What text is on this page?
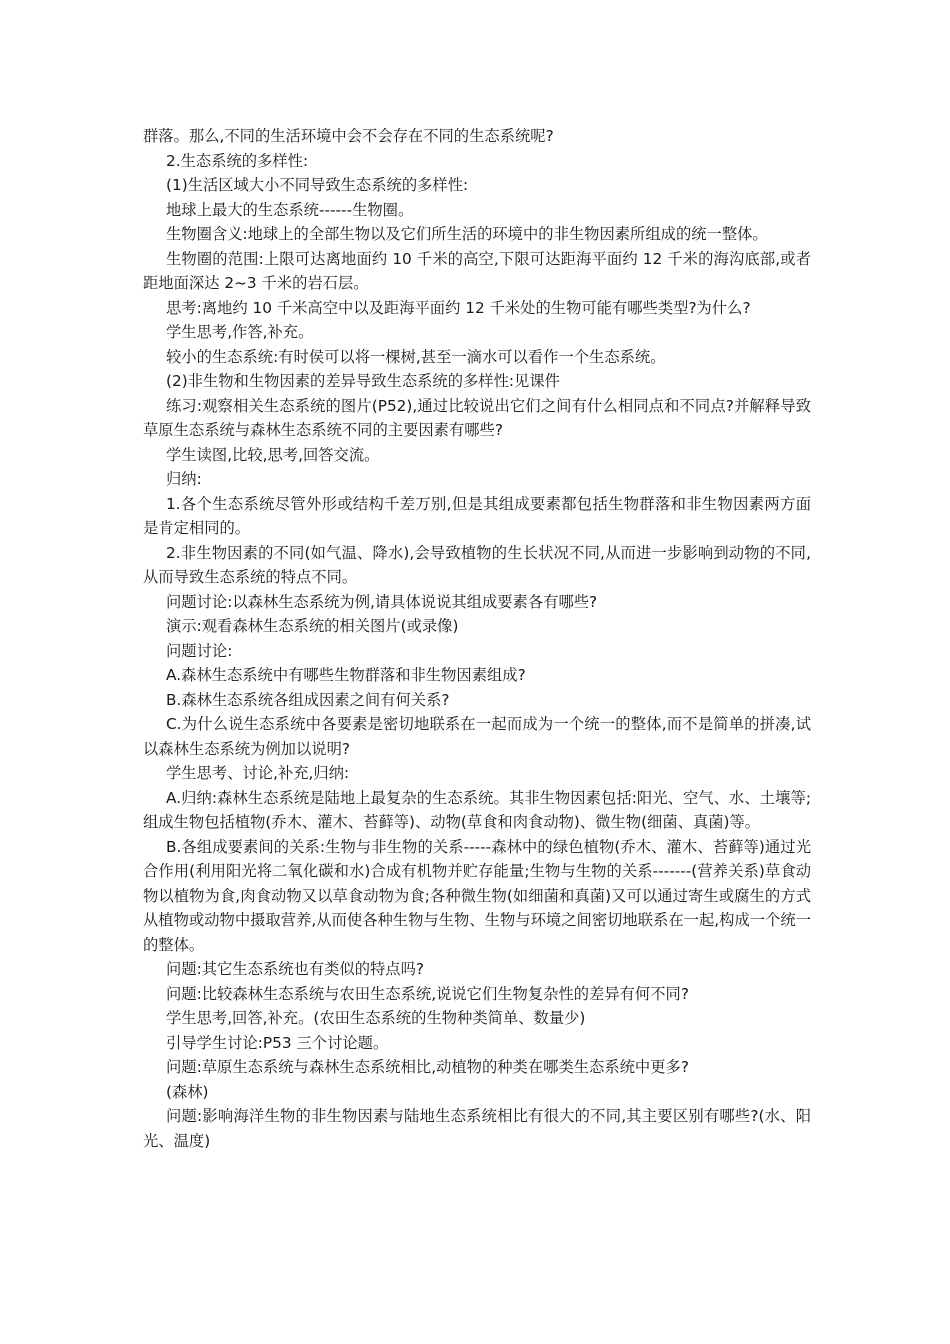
群落。那么,不同的生活环境中会不会存在不同的生态系统呢?

2.生态系统的多样性:

(1)生活区域大小不同导致生态系统的多样性:

地球上最大的生态系统------生物圈。

生物圈含义:地球上的全部生物以及它们所生活的环境中的非生物因素所组成的统一整体。

生物圈的范围:上限可达离地面约 10 千米的高空,下限可达距海平面约 12 千米的海沟底部,或者距地面深达 2~3 千米的岩石层。

思考:离地约 10 千米高空中以及距海平面约 12 千米处的生物可能有哪些类型?为什么?

学生思考,作答,补充。

较小的生态系统:有时侯可以将一棵树,甚至一滴水可以看作一个生态系统。

(2)非生物和生物因素的差异导致生态系统的多样性:见课件

练习:观察相关生态系统的图片(P52),通过比较说出它们之间有什么相同点和不同点?并解释导致草原生态系统与森林生态系统不同的主要因素有哪些?

学生读图,比较,思考,回答交流。

归纳:

1.各个生态系统尽管外形或结构千差万别,但是其组成要素都包括生物群落和非生物因素两方面是肯定相同的。

2.非生物因素的不同(如气温、降水),会导致植物的生长状况不同,从而进一步影响到动物的不同,从而导致生态系统的特点不同。

问题讨论:以森林生态系统为例,请具体说说其组成要素各有哪些?

演示:观看森林生态系统的相关图片(或录像)

问题讨论:

A.森林生态系统中有哪些生物群落和非生物因素组成?

B.森林生态系统各组成因素之间有何关系?

C.为什么说生态系统中各要素是密切地联系在一起而成为一个统一的整体,而不是简单的拼凑,试以森林生态系统为例加以说明?

学生思考、讨论,补充,归纳:

A.归纳:森林生态系统是陆地上最复杂的生态系统。其非生物因素包括:阳光、空气、水、土壤等;组成生物包括植物(乔木、灌木、苔藓等)、动物(草食和肉食动物)、微生物(细菌、真菌)等。

B.各组成要素间的关系:生物与非生物的关系-----森林中的绿色植物(乔木、灌木、苔藓等)通过光合作用(利用阳光将二氧化碳和水)合成有机物并贮存能量;生物与生物的关系-------(营养关系)草食动物以植物为食,肉食动物又以草食动物为食;各种微生物(如细菌和真菌)又可以通过寄生或腐生的方式从植物或动物中摄取营养,从而使各种生物与生物、生物与环境之间密切地联系在一起,构成一个统一的整体。

问题:其它生态系统也有类似的特点吗?

问题:比较森林生态系统与农田生态系统,说说它们生物复杂性的差异有何不同?

学生思考,回答,补充。(农田生态系统的生物种类简单、数量少)

引导学生讨论:P53 三个讨论题。

问题:草原生态系统与森林生态系统相比,动植物的种类在哪类生态系统中更多?

(森林)

问题:影响海洋生物的非生物因素与陆地生态系统相比有很大的不同,其主要区别有哪些?(水、阳光、温度)
